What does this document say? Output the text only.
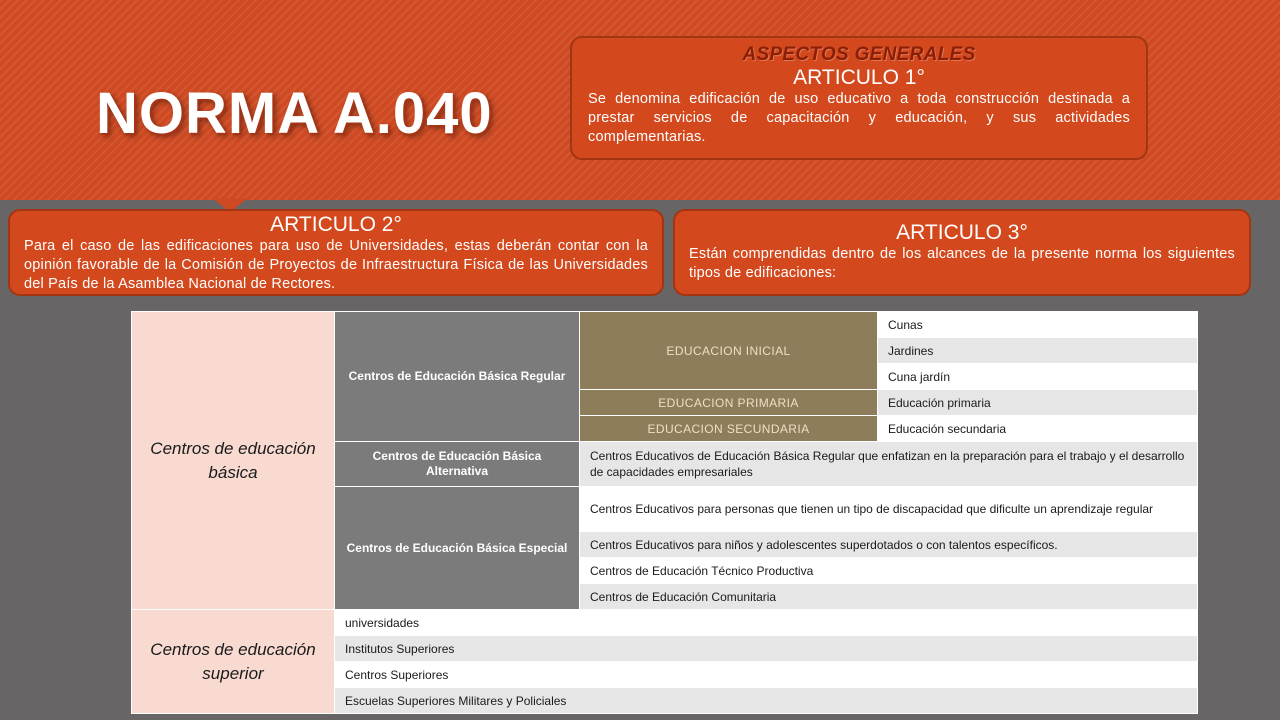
NORMA A.040

ASPECTOS GENERALES

ARTICULO 1°

Se denomina edificación de uso educativo a toda construcción destinada a prestar servicios de capacitación y educación, y sus actividades complementarias.

ARTICULO 2°

Para el caso de las edificaciones para uso de Universidades, estas deberán contar con la opinión favorable de la Comisión de Proyectos de Infraestructura Física de las Universidades del País de la Asamblea Nacional de Rectores.

ARTICULO 3°

Están comprendidas dentro de los alcances de la presente norma los siguientes tipos de edificaciones:

Centros de educación básica	Centros de Educación Básica Regular	EDUCACION INICIAL	Cunas
			Jardines
			Cuna jardín
		EDUCACION PRIMARIA	Educación primaria
		EDUCACION SECUNDARIA	Educación secundaria
	Centros de Educación Básica Alternativa	Centros Educativos de Educación Básica Regular que enfatizan en la preparación para el trabajo y el desarrollo de capacidades empresariales	
	Centros de Educación Básica Especial	Centros Educativos para personas que tienen un tipo de discapacidad que dificulte un aprendizaje regular	
		Centros Educativos para niños y adolescentes superdotados o con talentos específicos.	
		Centros de Educación Técnico Productiva	
		Centros de Educación Comunitaria	

Centros de educación superior	universidades		
	Institutos Superiores		
	Centros Superiores		
	Escuelas Superiores Militares y Policiales		
